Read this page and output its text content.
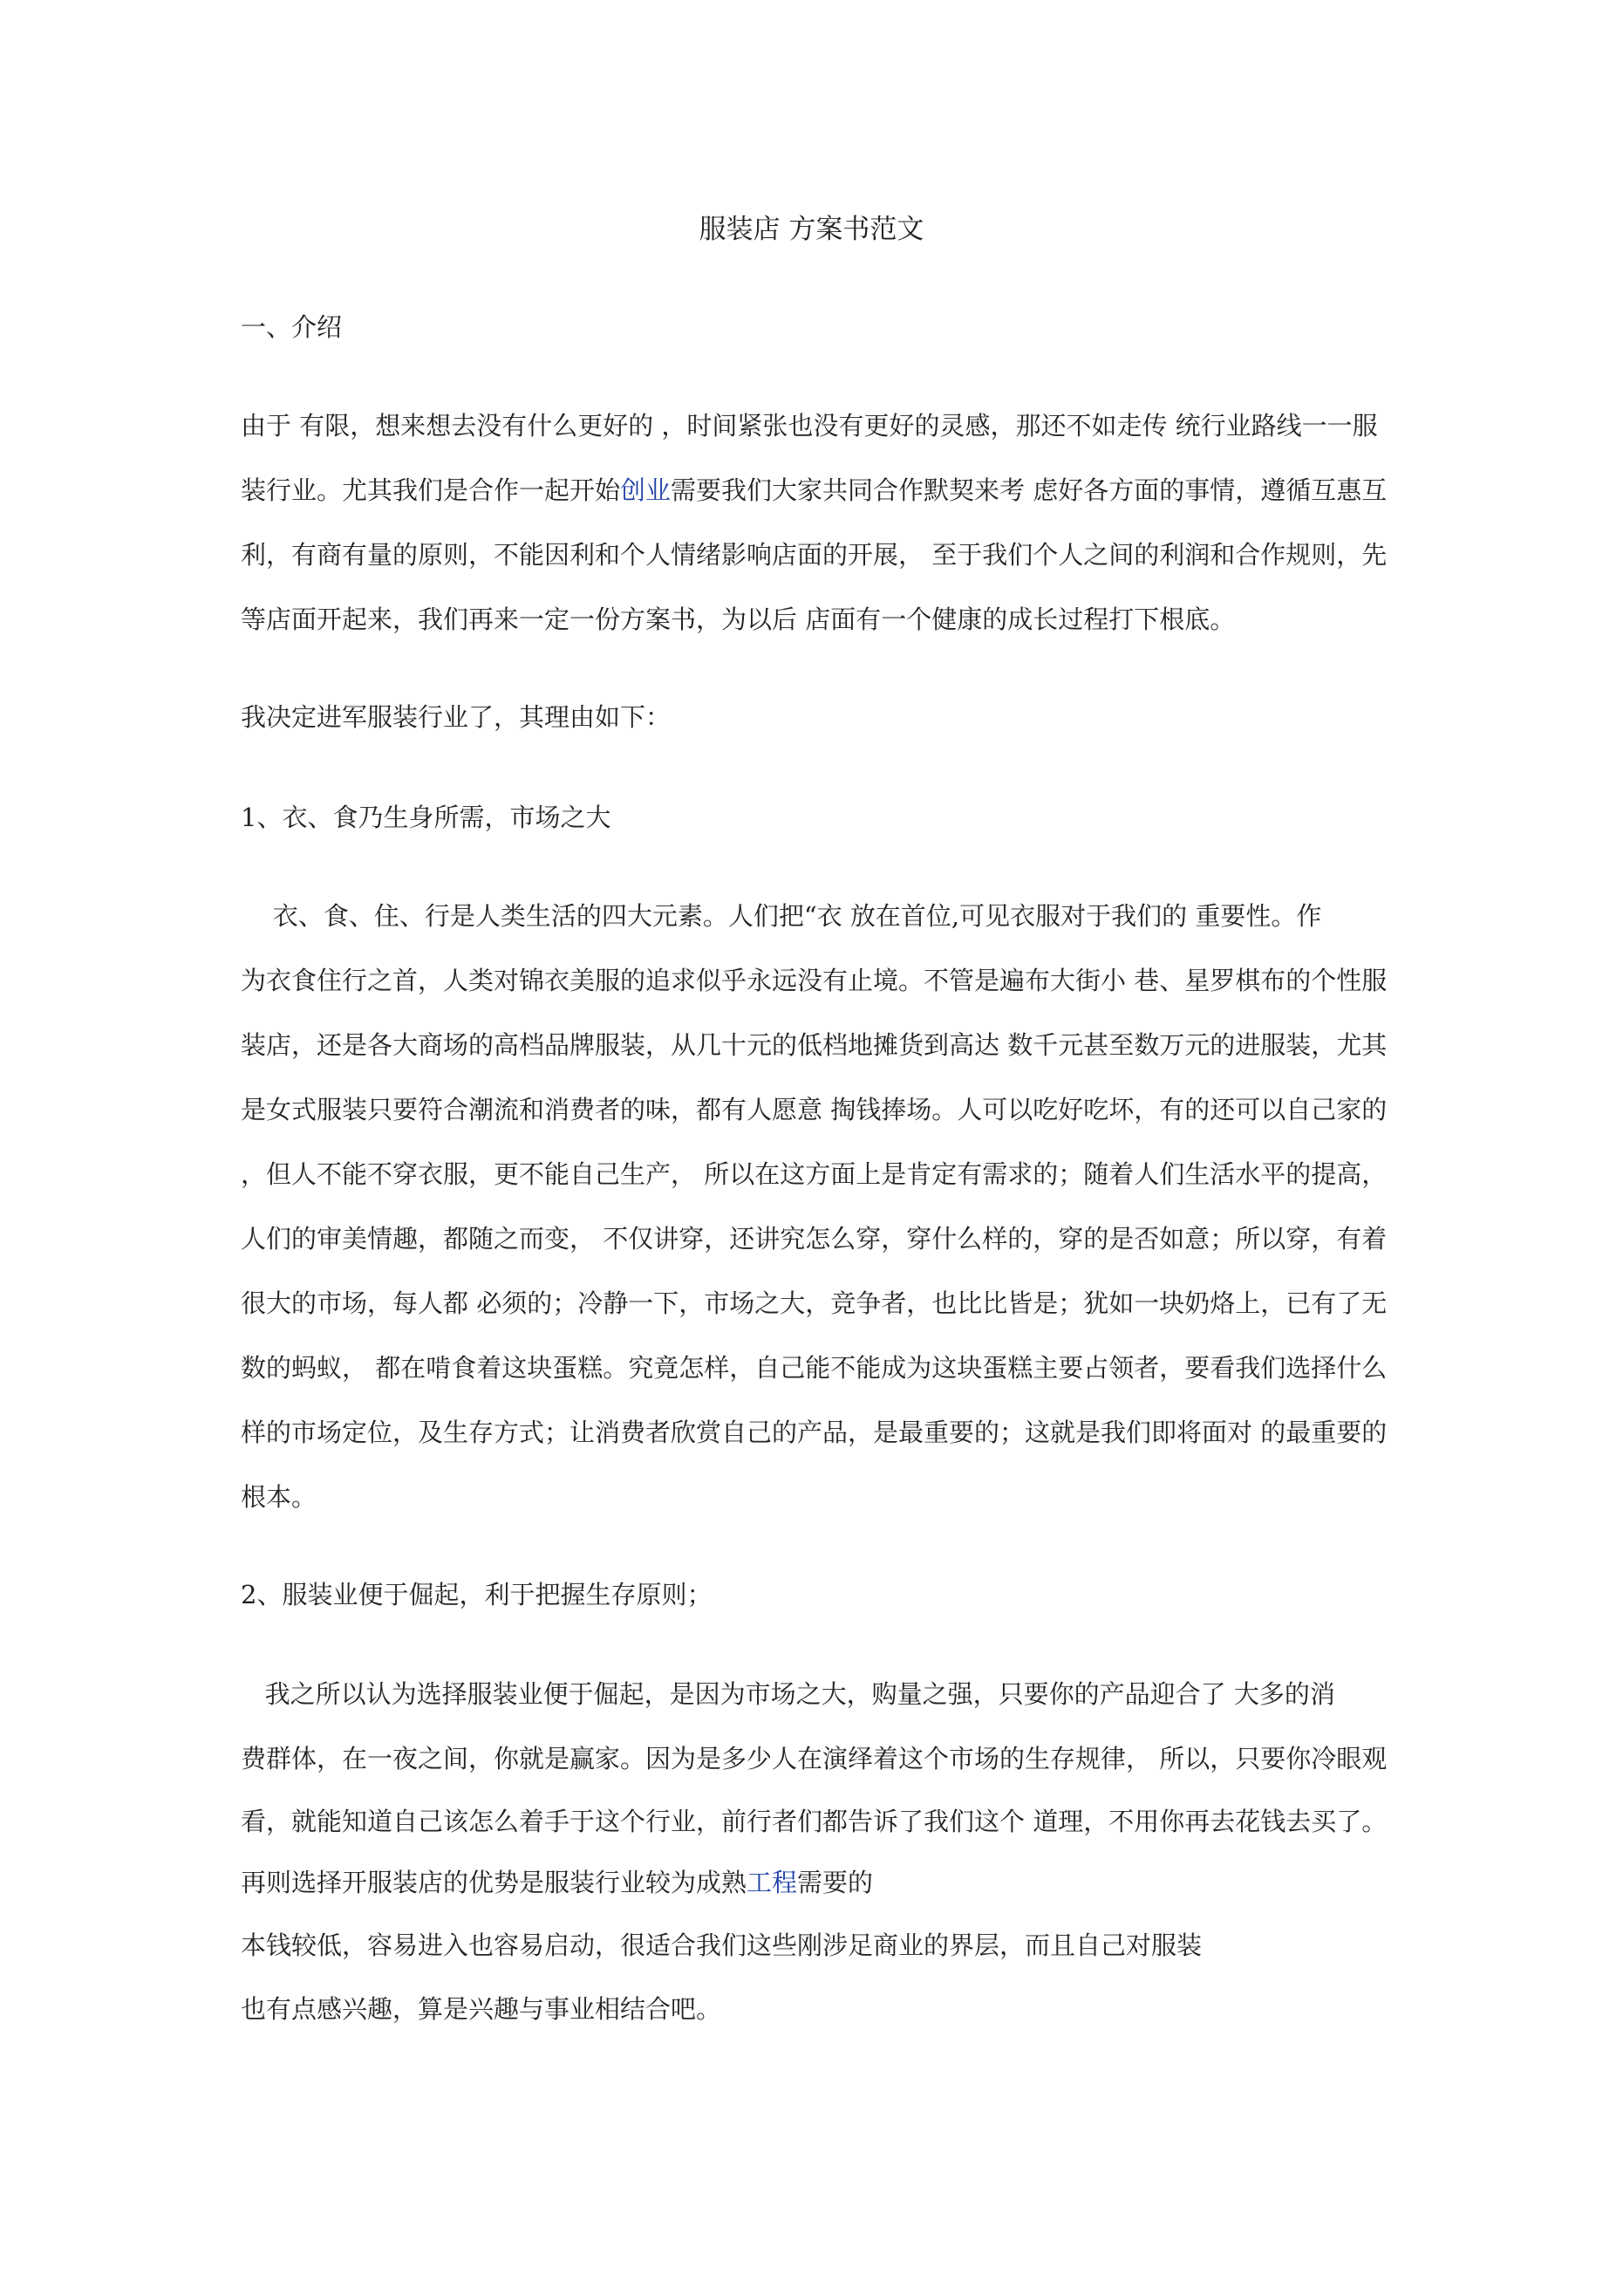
服装店 方案书范文

一、介绍

由于 有限，想来想去没有什么更好的 ，时间紧张也没有更好的灵感，那还不如走传 统行业路线一一服

装行业。尤其我们是合作一起开始创业需要我们大家共同合作默契来考 虑好各方面的事情，遵循互惠互

利，有商有量的原则，不能因利和个人情绪影响店面的开展， 至于我们个人之间的利润和合作规则，先

等店面开起来，我们再来一定一份方案书，为以后 店面有一个健康的成长过程打下根底。

我决定进军服装行业了，其理由如下：

1、衣、食乃生身所需，市场之大

衣、食、住、行是人类生活的四大元素。人们把“衣 放在首位,可见衣服对于我们的 重要性。作

为衣食住行之首，人类对锦衣美服的追求似乎永远没有止境。不管是遍布大街小 巷、星罗棋布的个性服

装店，还是各大商场的高档品牌服装，从几十元的低档地摊货到高达 数千元甚至数万元的进服装，尤其

是女式服装只要符合潮流和消费者的味，都有人愿意 掏钱捧场。人可以吃好吃坏，有的还可以自己家的

，但人不能不穿衣服，更不能自己生产， 所以在这方面上是肯定有需求的；随着人们生活水平的提高，

人们的审美情趣，都随之而变， 不仅讲穿，还讲究怎么穿，穿什么样的，穿的是否如意；所以穿，有着

很大的市场，每人都 必须的；冷静一下，市场之大，竞争者，也比比皆是；犹如一块奶烙上，已有了无

数的蚂蚁， 都在啃食着这块蛋糕。究竟怎样，自己能不能成为这块蛋糕主要占领者，要看我们选择什么

样的市场定位，及生存方式；让消费者欣赏自己的产品，是最重要的；这就是我们即将面对 的最重要的

根本。

2、服装业便于倔起，利于把握生存原则；

我之所以认为选择服装业便于倔起，是因为市场之大，购量之强，只要你的产品迎合了 大多的消

费群体，在一夜之间，你就是赢家。因为是多少人在演绎着这个市场的生存规律， 所以，只要你冷眼观

看，就能知道自己该怎么着手于这个行业，前行者们都告诉了我们这个 道理，不用你再去花钱去买了。

再则选择开服装店的优势是服装行业较为成熟工程需要的

本钱较低，容易进入也容易启动，很适合我们这些刚涉足商业的界层，而且自己对服装

也有点感兴趣，算是兴趣与事业相结合吧。
